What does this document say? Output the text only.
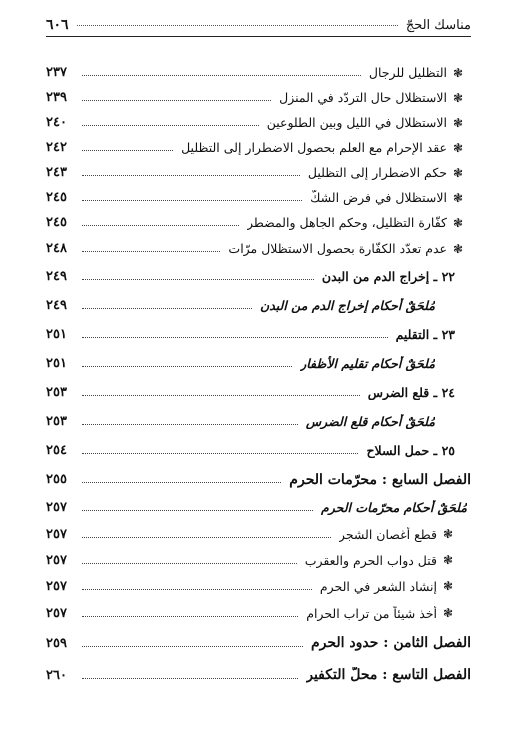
مناسك الحجّ
٦٠٦
❃
التظليل للرجال
٢٣٧
❃
الاستظلال حال التردّد في المنزل
٢٣٩
❃
الاستظلال في الليل وبين الطلوعين
٢٤٠
❃
عقد الإحرام مع العلم بحصول الاضطرار إلى التظليل
٢٤٢
❃
حكم الاضطرار إلى التظليل
٢٤٣
❃
الاستظلال في فرض الشكّ
٢٤٥
❃
كفّارة التظليل، وحكم الجاهل والمضطر
٢٤٥
❃
عدم تعدّد الكفّارة بحصول الاستظلال مرّات
٢٤٨
٢٢ ـ إخراج الدم من البدن
٢٤٩
مُلحَقٌ أحكام إخراج الدم من البدن
٢٤٩
٢٣ ـ التقليم
٢٥١
مُلحَقٌ أحكام تقليم الأظفار
٢٥١
٢٤ ـ قلع الضرس
٢٥٣
مُلحَقٌ أحكام قلع الضرس
٢٥٣
٢٥ ـ حمل السلاح
٢٥٤
الفصل السابع : محرّمات الحرم
٢٥٥
مُلحَقٌ أحكام محرّمات الحرم
٢٥٧
❃
قطع أغصان الشجر
٢٥٧
❃
قتل دواب الحرم والعقرب
٢٥٧
❃
إنشاد الشعر في الحرم
٢٥٧
❃
أخذ شيئاً من تراب الحرام
٢٥٧
الفصل الثامن : حدود الحرم
٢٥٩
الفصل التاسع : محلّ التكفير
٢٦٠
